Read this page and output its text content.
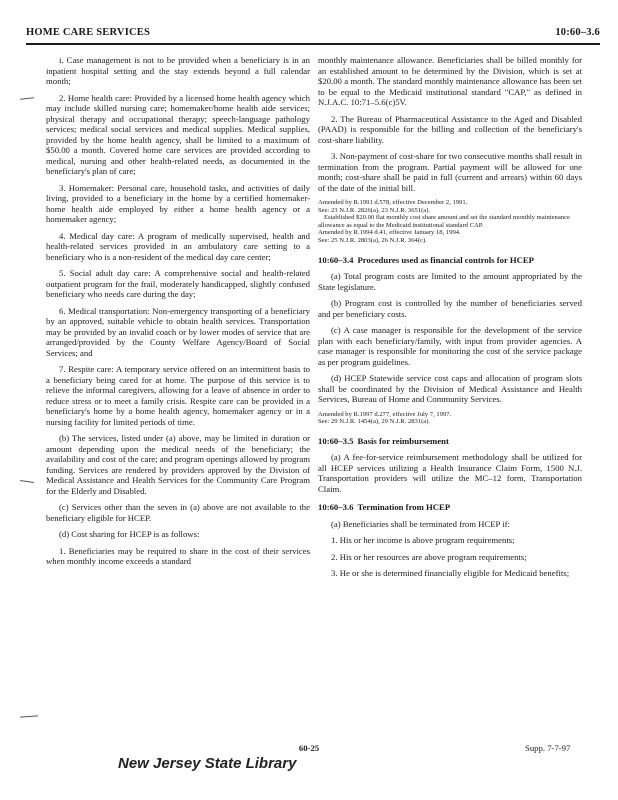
HOME CARE SERVICES	10:60–3.6

i. Case management is not to be provided when a beneficiary is in an inpatient hospital setting and the stay extends beyond a full calendar month;

2. Home health care: Provided by a licensed home health agency which may include skilled nursing care; homemaker/home health aide services; physical therapy and occupational therapy; speech-language pathology services; medical social services and medical supplies. Medical supplies, provided by the home health agency, shall be limited to a maximum of $50.00 a month. Covered home care services are provided according to medical, nursing and other health-related needs, as documented in the beneficiary's plan of care;

3. Homemaker: Personal care, household tasks, and activities of daily living, provided to a beneficiary in the home by a certified homemaker-home health aide employed by either a home health agency or a homemaker agency;

4. Medical day care: A program of medically supervised, health and health-related services provided in an ambulatory care setting to a beneficiary who is a non-resident of the medical day care center;

5. Social adult day care: A comprehensive social and health-related outpatient program for the frail, moderately handicapped, slightly confused beneficiary who needs care during the day;

6. Medical transportation: Non-emergency transporting of a beneficiary by an approved, suitable vehicle to obtain health services. Transportation may be provided by an invalid coach or by lower modes of service that are arranged/provided by the County Welfare Agency/Board of Social Services; and

7. Respite care: A temporary service offered on an intermittent basis to a beneficiary being cared for at home. The purpose of this service is to relieve the informal caregivers, allowing for a leave of absence in order to reduce stress or to meet a family crisis. Respite care can be provided in a beneficiary's home by a home health agency, homemaker agency or in a nursing facility for limited periods of time.

(b) The services, listed under (a) above, may be limited in duration or amount depending upon the medical needs of the beneficiary; the availability and cost of the care; and program openings allowed by program funding. Services are rendered by providers approved by the Division of Medical Assistance and Health Services for the Community Care Program for the Elderly and Disabled.

(c) Services other than the seven in (a) above are not available to the beneficiary eligible for HCEP.

(d) Cost sharing for HCEP is as follows:

1. Beneficiaries may be required to share in the cost of their services when monthly income exceeds a standard

monthly maintenance allowance. Beneficiaries shall be billed monthly for an established amount to be determined by the Division, which is set at $20.00 a month. The standard monthly maintenance allowance has been set to be equal to the Medicaid institutional standard "CAP," as defined in N.J.A.C. 10:71–5.6(c)5V.

2. The Bureau of Pharmaceutical Assistance to the Aged and Disabled (PAAD) is responsible for the billing and collection of the beneficiary's cost-share liability.

3. Non-payment of cost-share for two consecutive months shall result in termination from the program. Partial payment will be allowed for one month; cost-share shall be paid in full (current and arrears) within 60 days of the date of the initial bill.

Amended by R.1991 d.578, effective December 2, 1991.

See: 23 N.J.R. 2826(a), 23 N.J.R. 3651(a).

Established $20.00 flat monthly cost share amount and set the standard monthly maintenance allowance as equal to the Medicaid institutional standard CAP.

Amended by R.1994 d.41, effective January 18, 1994.

See: 25 N.J.R. 2803(a), 26 N.J.R. 364(c).

10:60–3.4 Procedures used as financial controls for HCEP

(a) Total program costs are limited to the amount appropriated by the State legislature.

(b) Program cost is controlled by the number of beneficiaries served and per beneficiary costs.

(c) A case manager is responsible for the development of the service plan with each beneficiary/family, with input from provider agencies. A case manager is responsible for monitoring the cost of the service package as per program guidelines.

(d) HCEP Statewide service cost caps and allocation of program slots shall be coordinated by the Division of Medical Assistance and Health Services, Bureau of Home and Community Services.

Amended by R.1997 d.277, effective July 7, 1997.

See: 29 N.J.R. 1454(a), 29 N.J.R. 2831(a).

10:60–3.5 Basis for reimbursement

(a) A fee-for-service reimbursement methodology shall be utilized for all HCEP services utilizing a Health Insurance Claim Form, 1500 N.J. Transportation providers will utilize the MC–12 form, Transportation Claim.

10:60–3.6 Termination from HCEP

(a) Beneficiaries shall be terminated from HCEP if:

1. His or her income is above program requirements;

2. His or her resources are above program requirements;

3. He or she is determined financially eligible for Medicaid benefits;

60-25	Supp. 7-7-97
New Jersey State Library
